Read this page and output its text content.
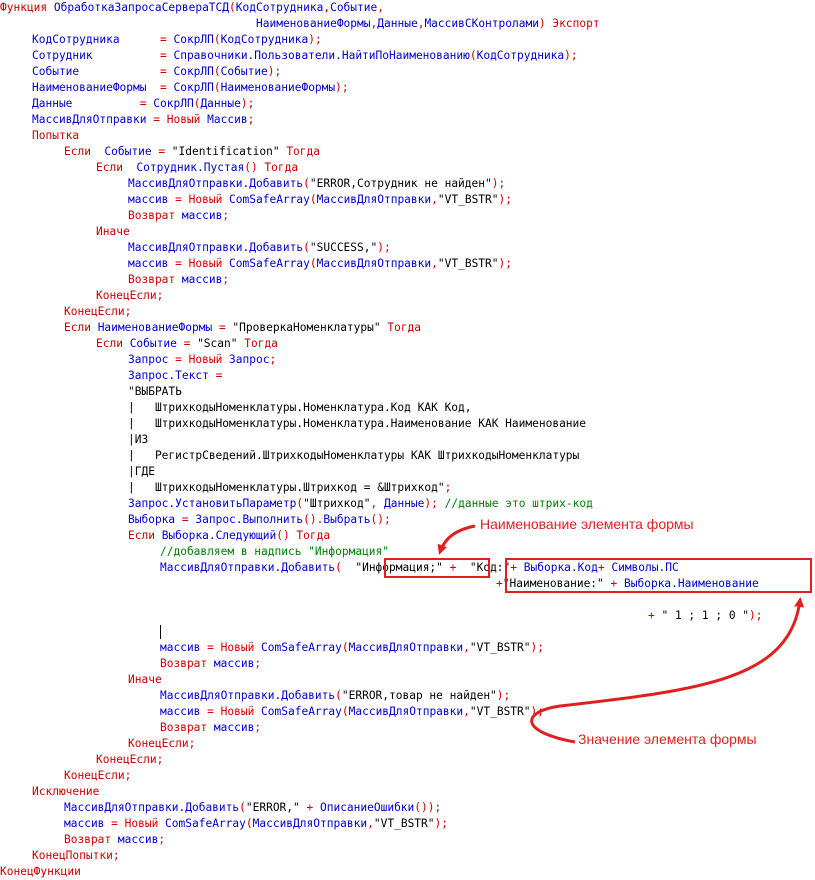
Функция ОбработкаЗапросаСервераТСД(КодСотрудника,Событие,
НаименованиеФормы,Данные,МассивСКонтролами) Экспорт
КодСотрудника      = СокрЛП(КодСотрудника);
Сотрудник          = Справочники.Пользователи.НайтиПоНаименованию(КодСотрудника);
Событие            = СокрЛП(Событие);
НаименованиеФормы  = СокрЛП(НаименованиеФормы);
Данные          = СокрЛП(Данные);
МассивДляОтправки = Новый Массив;
Попытка
Если  Событие = "Identification" Тогда
Если  Сотрудник.Пустая() Тогда
МассивДляОтправки.Добавить("ERROR,Сотрудник не найден");
массив = Новый ComSafeArray(МассивДляОтправки,"VT_BSTR");
Возврат массив;
Иначе
МассивДляОтправки.Добавить("SUCCESS,");
массив = Новый ComSafeArray(МассивДляОтправки,"VT_BSTR");
Возврат массив;
КонецЕсли;
КонецЕсли;
Если НаименованиеФормы = "ПроверкаНоменклатуры" Тогда
Если Событие = "Scan" Тогда
Запрос = Новый Запрос;
Запрос.Текст =
"ВЫБРАТЬ
|   ШтрихкодыНоменклатуры.Номенклатура.Код КАК Код,
|   ШтрихкодыНоменклатуры.Номенклатура.Наименование КАК Наименование
|ИЗ
|   РегистрСведений.ШтрихкодыНоменклатуры КАК ШтрихкодыНоменклатуры
|ГДЕ
|   ШтрихкодыНоменклатуры.Штрихкод = &Штрихкод";
Запрос.УстановитьПараметр("Штрихкод", Данные); //данные это штрих-код
Выборка = Запрос.Выполнить().Выбрать();
Если Выборка.Следующий() Тогда
//добавляем в надпись "Информация"
МассивДляОтправки.Добавить(  "Информация;" +  "Код:"+ Выборка.Код+ Символы.ПС
+"Наименование:" + Выборка.Наименование
+ " 1 ; 1 ; 0 ");
массив = Новый ComSafeArray(МассивДляОтправки,"VT_BSTR");
Возврат массив;
Иначе
МассивДляОтправки.Добавить("ERROR,товар не найден");
массив = Новый ComSafeArray(МассивДляОтправки,"VT_BSTR");
Возврат массив;
КонецЕсли;
КонецЕсли;
КонецЕсли;
Исключение
МассивДляОтправки.Добавить("ERROR," + ОписаниеОшибки());
массив = Новый ComSafeArray(МассивДляОтправки,"VT_BSTR");
Возврат массив;
КонецПопытки;
КонецФункции
Наименование элемента формы
Значение элемента формы
